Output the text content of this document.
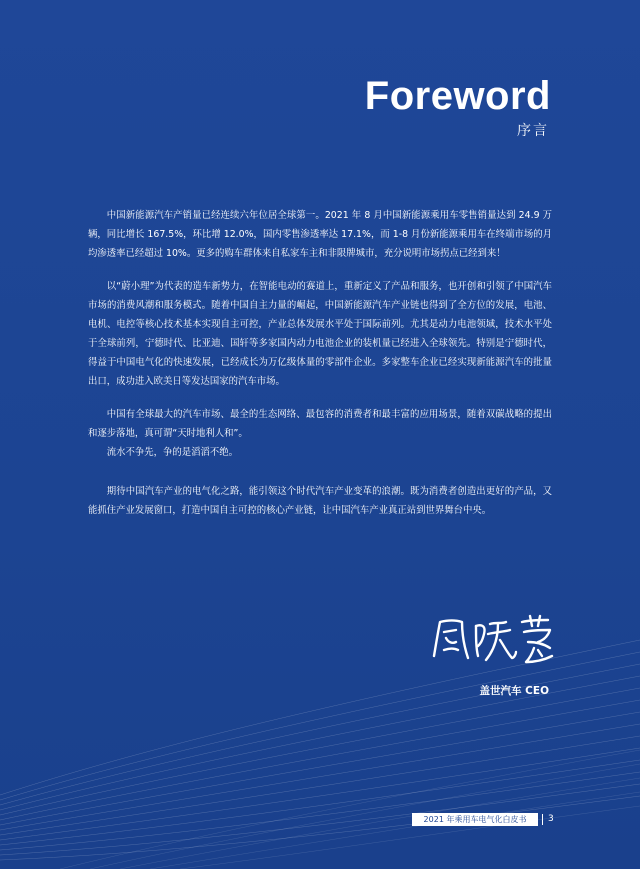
Foreword
序言

中国新能源汽车产销量已经连续六年位居全球第一。2021 年 8 月中国新能源乘用车零售销量达到 24.9 万辆，同比增长 167.5%，环比增 12.0%，国内零售渗透率达 17.1%，而 1-8 月份新能源乘用车在终端市场的月均渗透率已经超过 10%。更多的购车群体来自私家车主和非限牌城市，充分说明市场拐点已经到来！

以“蔚小理”为代表的造车新势力，在智能电动的赛道上，重新定义了产品和服务，也开创和引领了中国汽车市场的消费风潮和服务模式。随着中国自主力量的崛起，中国新能源汽车产业链也得到了全方位的发展，电池、电机、电控等核心技术基本实现自主可控，产业总体发展水平处于国际前列。尤其是动力电池领域，技术水平处于全球前列，宁德时代、比亚迪、国轩等多家国内动力电池企业的装机量已经进入全球领先。特别是宁德时代，得益于中国电气化的快速发展，已经成长为万亿级体量的零部件企业。多家整车企业已经实现新能源汽车的批量出口，成功进入欧美日等发达国家的汽车市场。

中国有全球最大的汽车市场、最全的生态网络、最包容的消费者和最丰富的应用场景，随着双碳战略的提出和逐步落地，真可谓“天时地利人和”。

流水不争先，争的是滔滔不绝。

期待中国汽车产业的电气化之路，能引领这个时代汽车产业变革的浪潮。既为消费者创造出更好的产品，又能抓住产业发展窗口，打造中国自主可控的核心产业链，让中国汽车产业真正站到世界舞台中央。

盖世汽车 CEO
2021 年乘用车电气化白皮书	3
